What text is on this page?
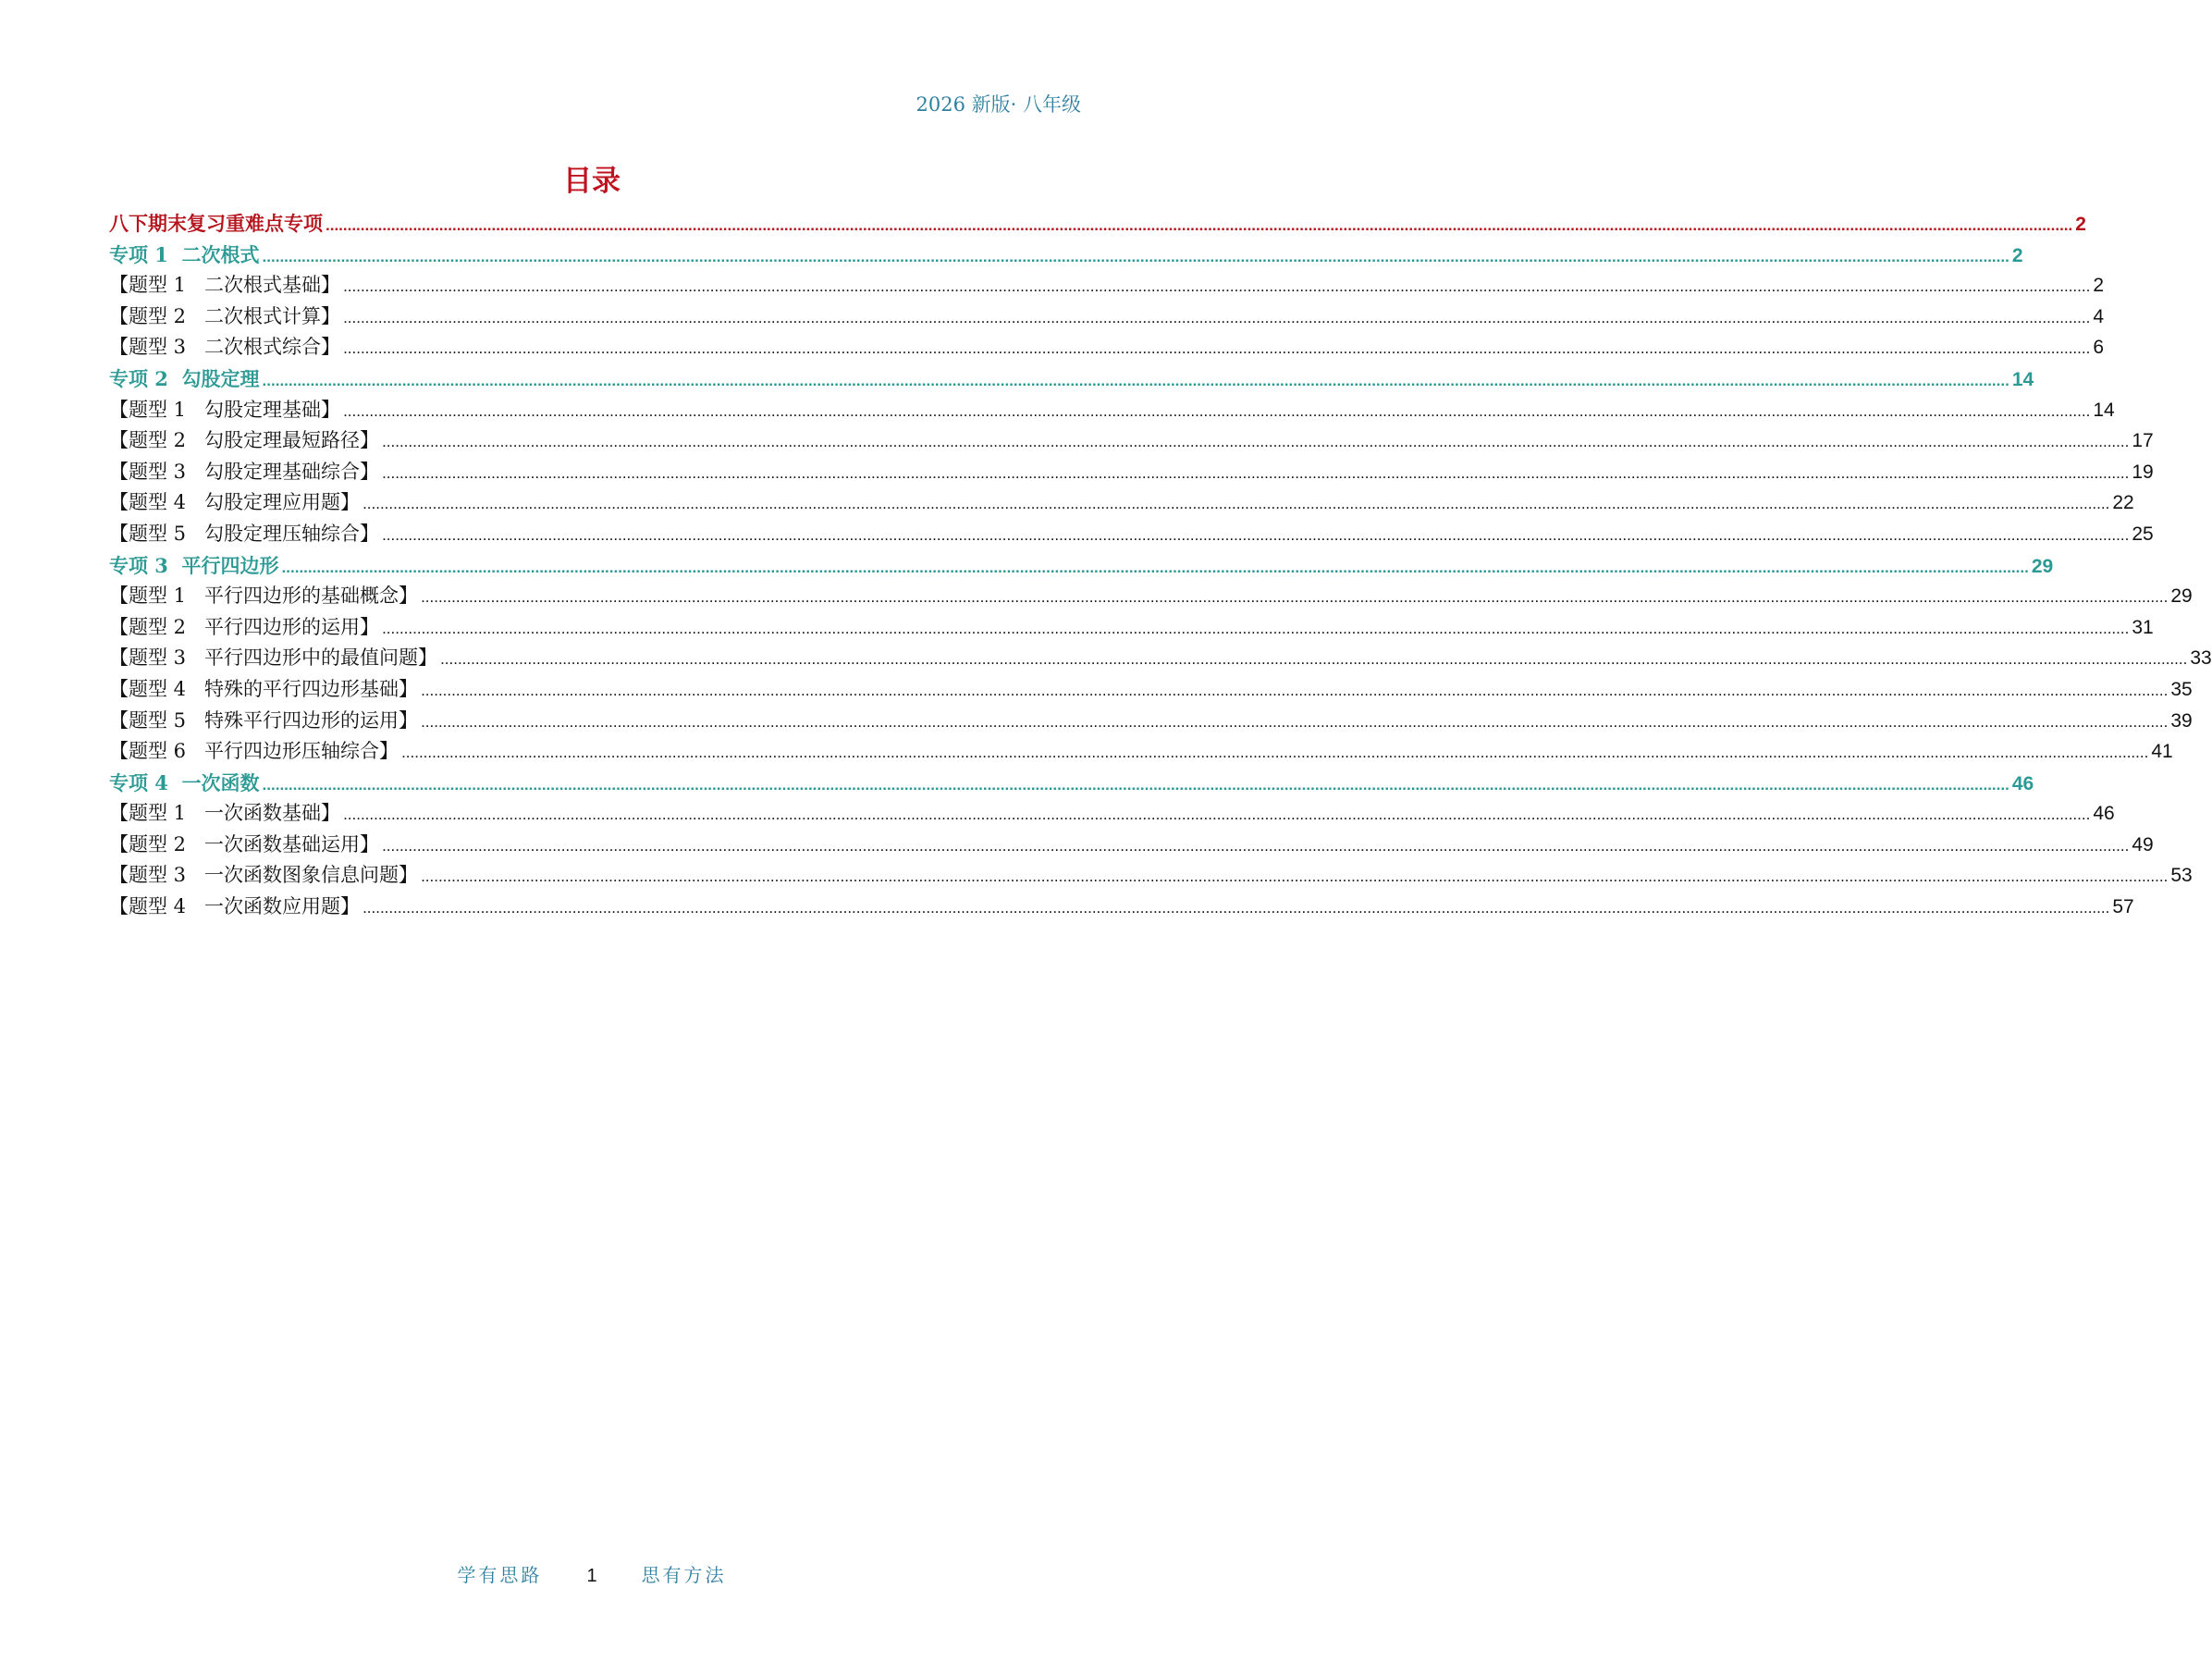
2026 新版· 八年级
目录
八下期末复习重难点专项 ................................................................................................................................................................................................................................................................................................................................................................................................................ 2
专项 1  二次根式 ................................................................................................................................................................................................................................................................................................................................................................................................................ 2
【题型 1   二次根式基础】 ................................................................................................................................................................................................................................................................................................................................................................................................................ 2
【题型 2   二次根式计算】 ................................................................................................................................................................................................................................................................................................................................................................................................................ 4
【题型 3   二次根式综合】 ................................................................................................................................................................................................................................................................................................................................................................................................................ 6
专项 2  勾股定理 ................................................................................................................................................................................................................................................................................................................................................................................................................ 14
【题型 1   勾股定理基础】 ................................................................................................................................................................................................................................................................................................................................................................................................................ 14
【题型 2   勾股定理最短路径】 ................................................................................................................................................................................................................................................................................................................................................................................................................ 17
【题型 3   勾股定理基础综合】 ................................................................................................................................................................................................................................................................................................................................................................................................................ 19
【题型 4   勾股定理应用题】 ................................................................................................................................................................................................................................................................................................................................................................................................................ 22
【题型 5   勾股定理压轴综合】 ................................................................................................................................................................................................................................................................................................................................................................................................................ 25
专项 3  平行四边形 ................................................................................................................................................................................................................................................................................................................................................................................................................ 29
【题型 1   平行四边形的基础概念】 ................................................................................................................................................................................................................................................................................................................................................................................................................ 29
【题型 2   平行四边形的运用】 ................................................................................................................................................................................................................................................................................................................................................................................................................ 31
【题型 3   平行四边形中的最值问题】 ................................................................................................................................................................................................................................................................................................................................................................................................................ 33
【题型 4   特殊的平行四边形基础】 ................................................................................................................................................................................................................................................................................................................................................................................................................ 35
【题型 5   特殊平行四边形的运用】 ................................................................................................................................................................................................................................................................................................................................................................................................................ 39
【题型 6   平行四边形压轴综合】 ................................................................................................................................................................................................................................................................................................................................................................................................................ 41
专项 4  一次函数 ................................................................................................................................................................................................................................................................................................................................................................................................................ 46
【题型 1   一次函数基础】 ................................................................................................................................................................................................................................................................................................................................................................................................................ 46
【题型 2   一次函数基础运用】 ................................................................................................................................................................................................................................................................................................................................................................................................................ 49
【题型 3   一次函数图象信息问题】 ................................................................................................................................................................................................................................................................................................................................................................................................................ 53
【题型 4   一次函数应用题】 ................................................................................................................................................................................................................................................................................................................................................................................................................ 57
学有思路 1 思有方法
